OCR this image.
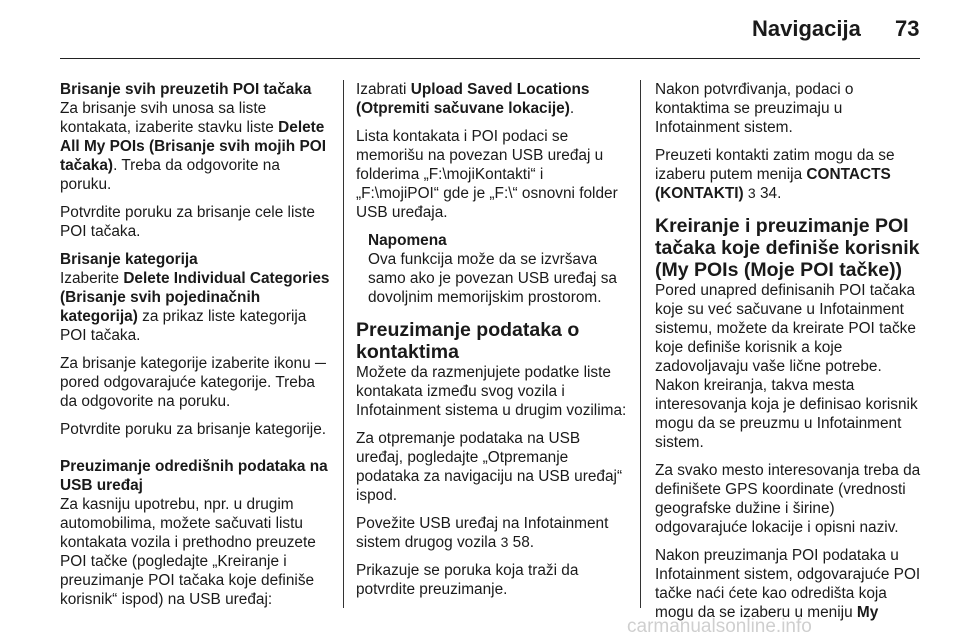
Navigacija 73

Brisanje svih preuzetih POI tačaka

Za brisanje svih unosa sa liste kontakata, izaberite stavku liste Delete All My POIs (Brisanje svih mojih POI tačaka). Treba da odgovorite na poruku.

Potvrdite poruku za brisanje cele liste POI tačaka.

Brisanje kategorija

Izaberite Delete Individual Categories (Brisanje svih pojedinačnih kategorija) za prikaz liste kategorija POI tačaka.

Za brisanje kategorije izaberite ikonu ─ pored odgovarajuće kategorije. Treba da odgovorite na poruku.

Potvrdite poruku za brisanje kategorije.

Preuzimanje odredišnih podataka na USB uređaj

Za kasniju upotrebu, npr. u drugim automobilima, možete sačuvati listu kontakata vozila i prethodno preuzete POI tačke (pogledajte „Kreiranje i preuzimanje POI tačaka koje definiše korisnik“ ispod) na USB uređaj:

Izabrati Upload Saved Locations (Otpremiti sačuvane lokacije).

Lista kontakata i POI podaci se memorišu na povezan USB uređaj u folderima „F:\mojiKontakti“ i „F:\mojiPOI“ gde je „F:\“ osnovni folder USB uređaja.

Napomena

Ova funkcija može da se izvršava samo ako je povezan USB uređaj sa dovoljnim memorijskim prostorom.

Preuzimanje podataka o kontaktima

Možete da razmenjujete podatke liste kontakata između svog vozila i Infotainment sistema u drugim vozilima:

Za otpremanje podataka na USB uređaj, pogledajte „Otpremanje podataka za navigaciju na USB uređaj“ ispod.

Povežite USB uređaj na Infotainment sistem drugog vozila 3 58.

Prikazuje se poruka koja traži da potvrdite preuzimanje.

Nakon potvrđivanja, podaci o kontaktima se preuzimaju u Infotainment sistem.

Preuzeti kontakti zatim mogu da se izaberu putem menija CONTACTS (KONTAKTI) 3 34.

Kreiranje i preuzimanje POI tačaka koje definiše korisnik (My POIs (Moje POI tačke))

Pored unapred definisanih POI tačaka koje su već sačuvane u Infotainment sistemu, možete da kreirate POI tačke koje definiše korisnik a koje zadovoljavaju vaše lične potrebe. Nakon kreiranja, takva mesta interesovanja koja je definisao korisnik mogu da se preuzmu u Infotainment sistem.

Za svako mesto interesovanja treba da definišete GPS koordinate (vrednosti geografske dužine i širine) odgovarajuće lokacije i opisni naziv.

Nakon preuzimanja POI podataka u Infotainment sistem, odgovarajuće POI tačke naći ćete kao odredišta koja mogu da se izaberu u meniju My

carmanualsonline.info
